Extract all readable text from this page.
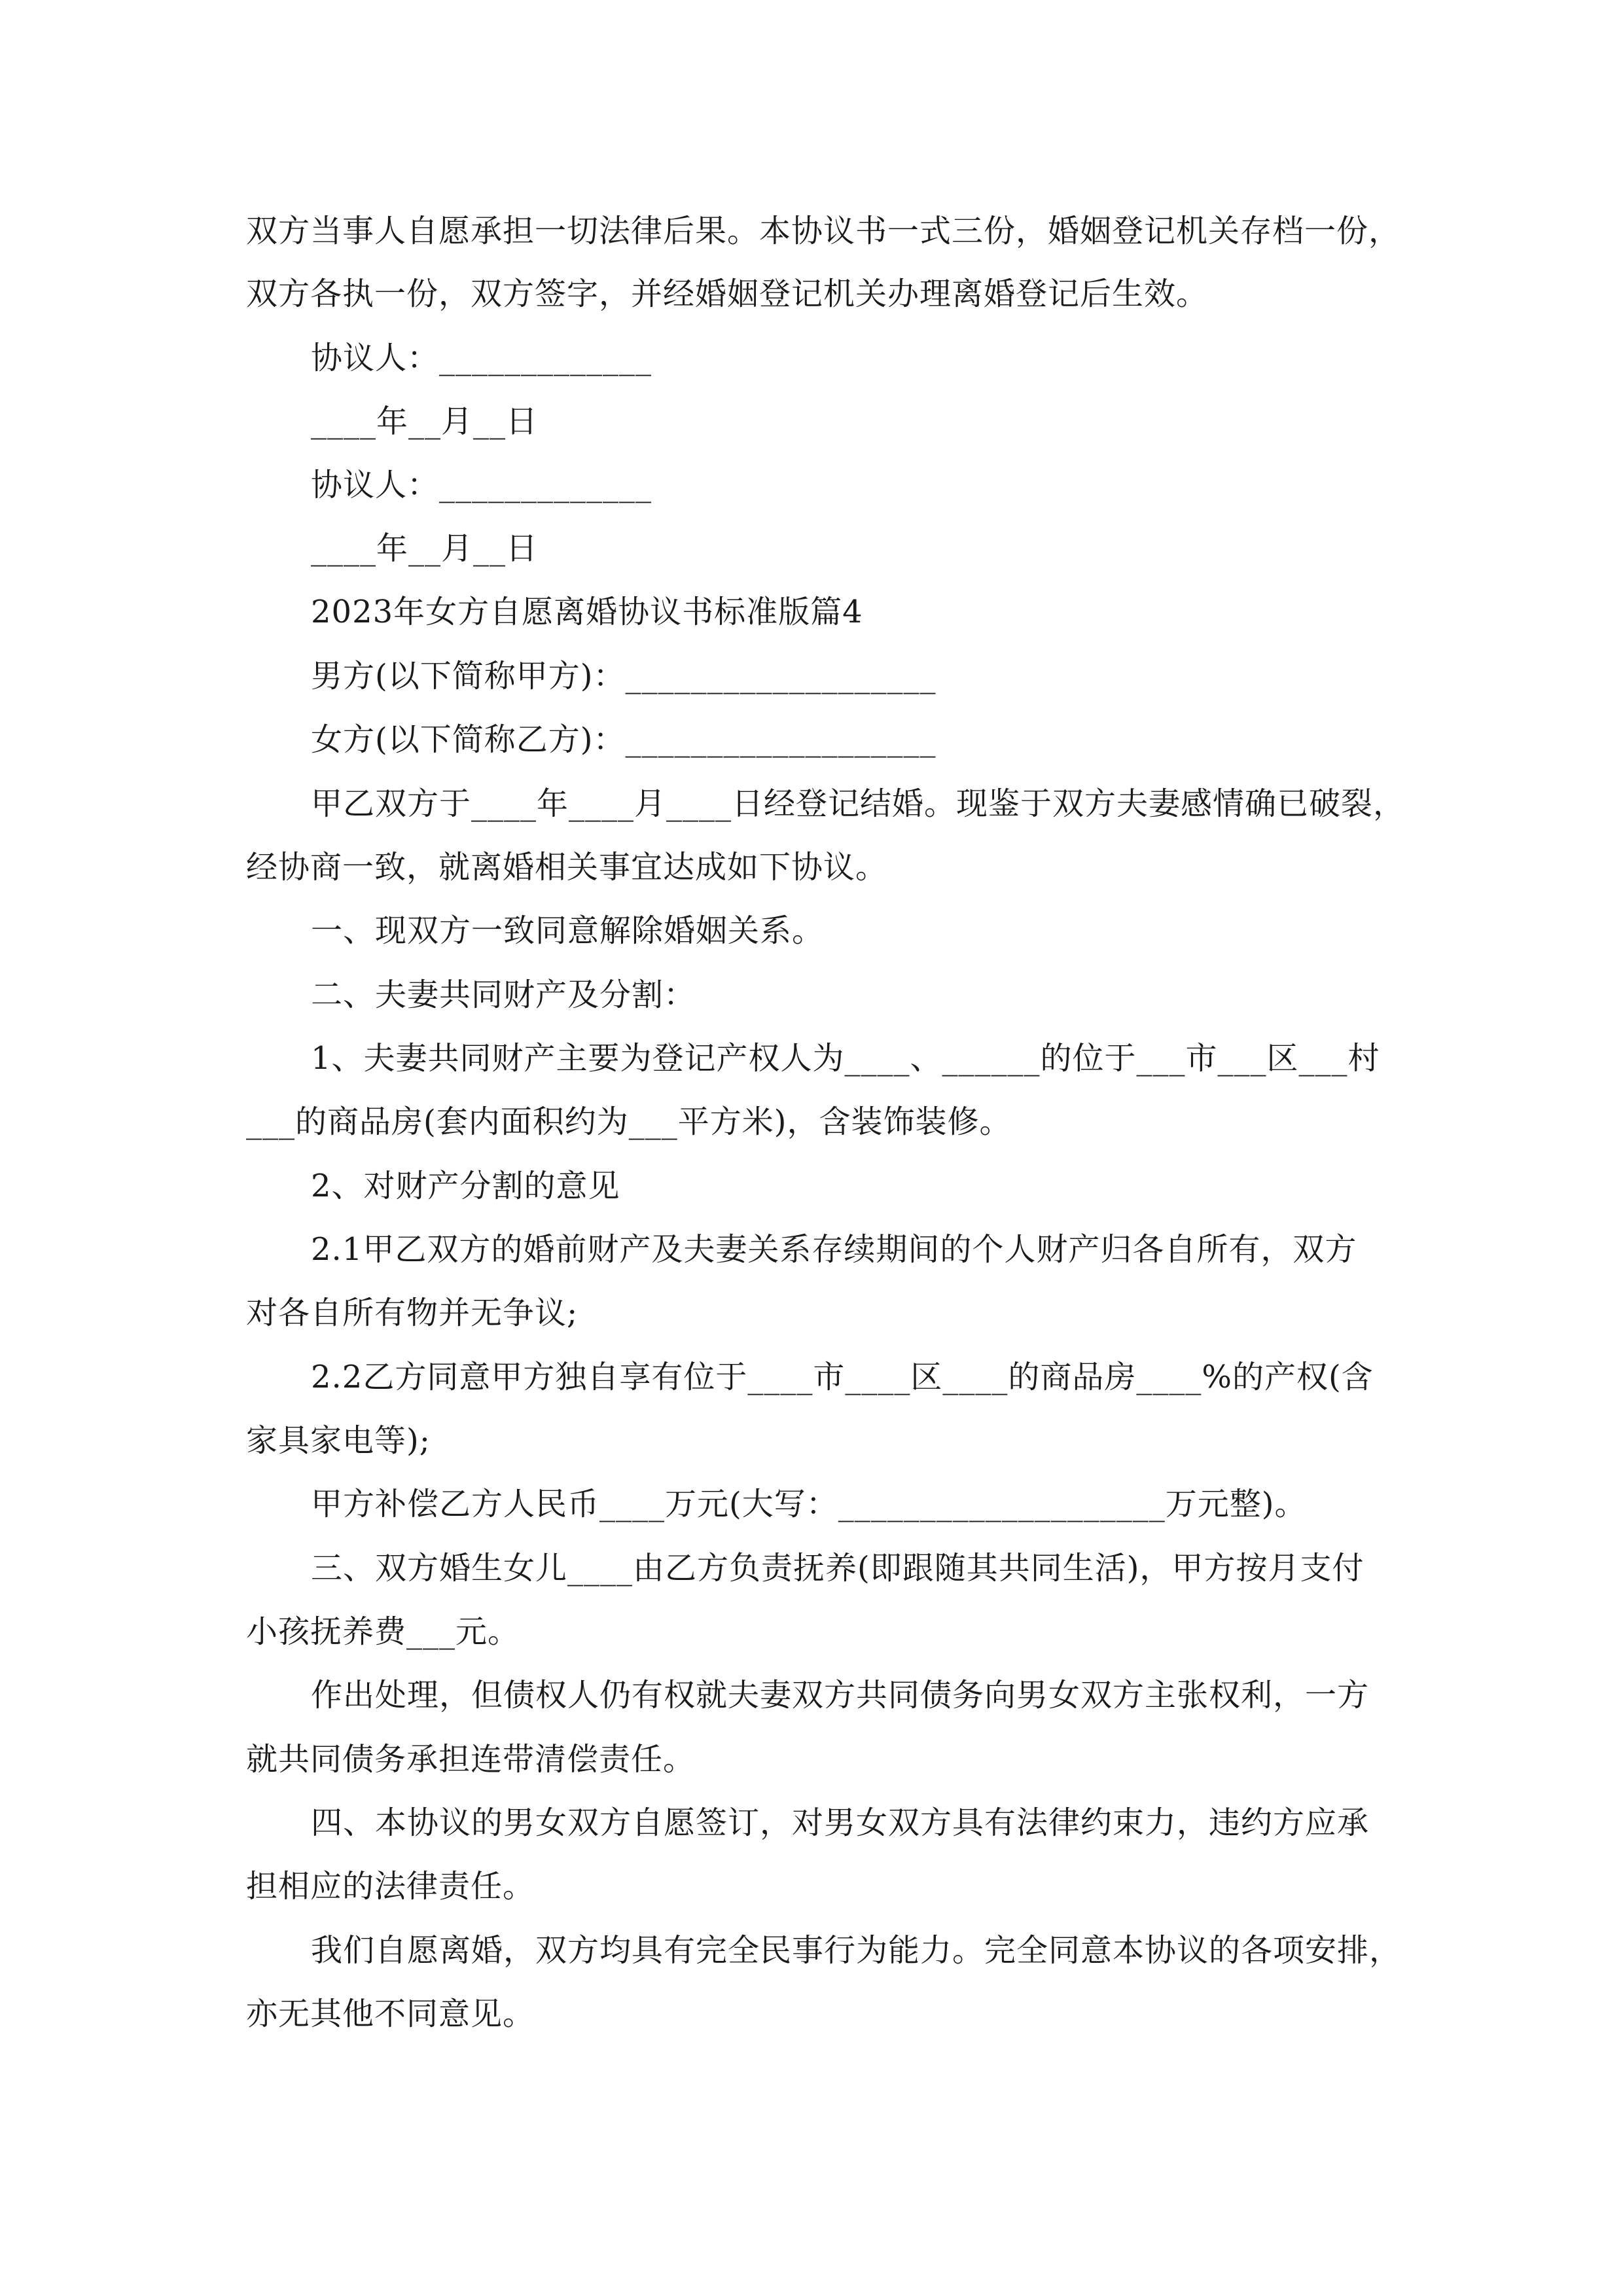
双方当事人自愿承担一切法律后果。本协议书一式三份，婚姻登记机关存档一份，
双方各执一份，双方签字，并经婚姻登记机关办理离婚登记后生效。
协议人：_____________
____年__月__日
协议人：_____________
____年__月__日
2023年女方自愿离婚协议书标准版篇4
男方(以下简称甲方)：___________________
女方(以下简称乙方)：___________________
甲乙双方于____年____月____日经登记结婚。现鉴于双方夫妻感情确已破裂，
经协商一致，就离婚相关事宜达成如下协议。
一、现双方一致同意解除婚姻关系。
二、夫妻共同财产及分割：
1、夫妻共同财产主要为登记产权人为____、______的位于___市___区___村
___的商品房(套内面积约为___平方米)，含装饰装修。
2、对财产分割的意见
2.1甲乙双方的婚前财产及夫妻关系存续期间的个人财产归各自所有，双方
对各自所有物并无争议;
2.2乙方同意甲方独自享有位于____市____区____的商品房____%的产权(含
家具家电等);
甲方补偿乙方人民币____万元(大写：____________________万元整)。
三、双方婚生女儿____由乙方负责抚养(即跟随其共同生活)，甲方按月支付
小孩抚养费___元。
作出处理，但债权人仍有权就夫妻双方共同债务向男女双方主张权利，一方
就共同债务承担连带清偿责任。
四、本协议的男女双方自愿签订，对男女双方具有法律约束力，违约方应承
担相应的法律责任。
我们自愿离婚，双方均具有完全民事行为能力。完全同意本协议的各项安排，
亦无其他不同意见。
